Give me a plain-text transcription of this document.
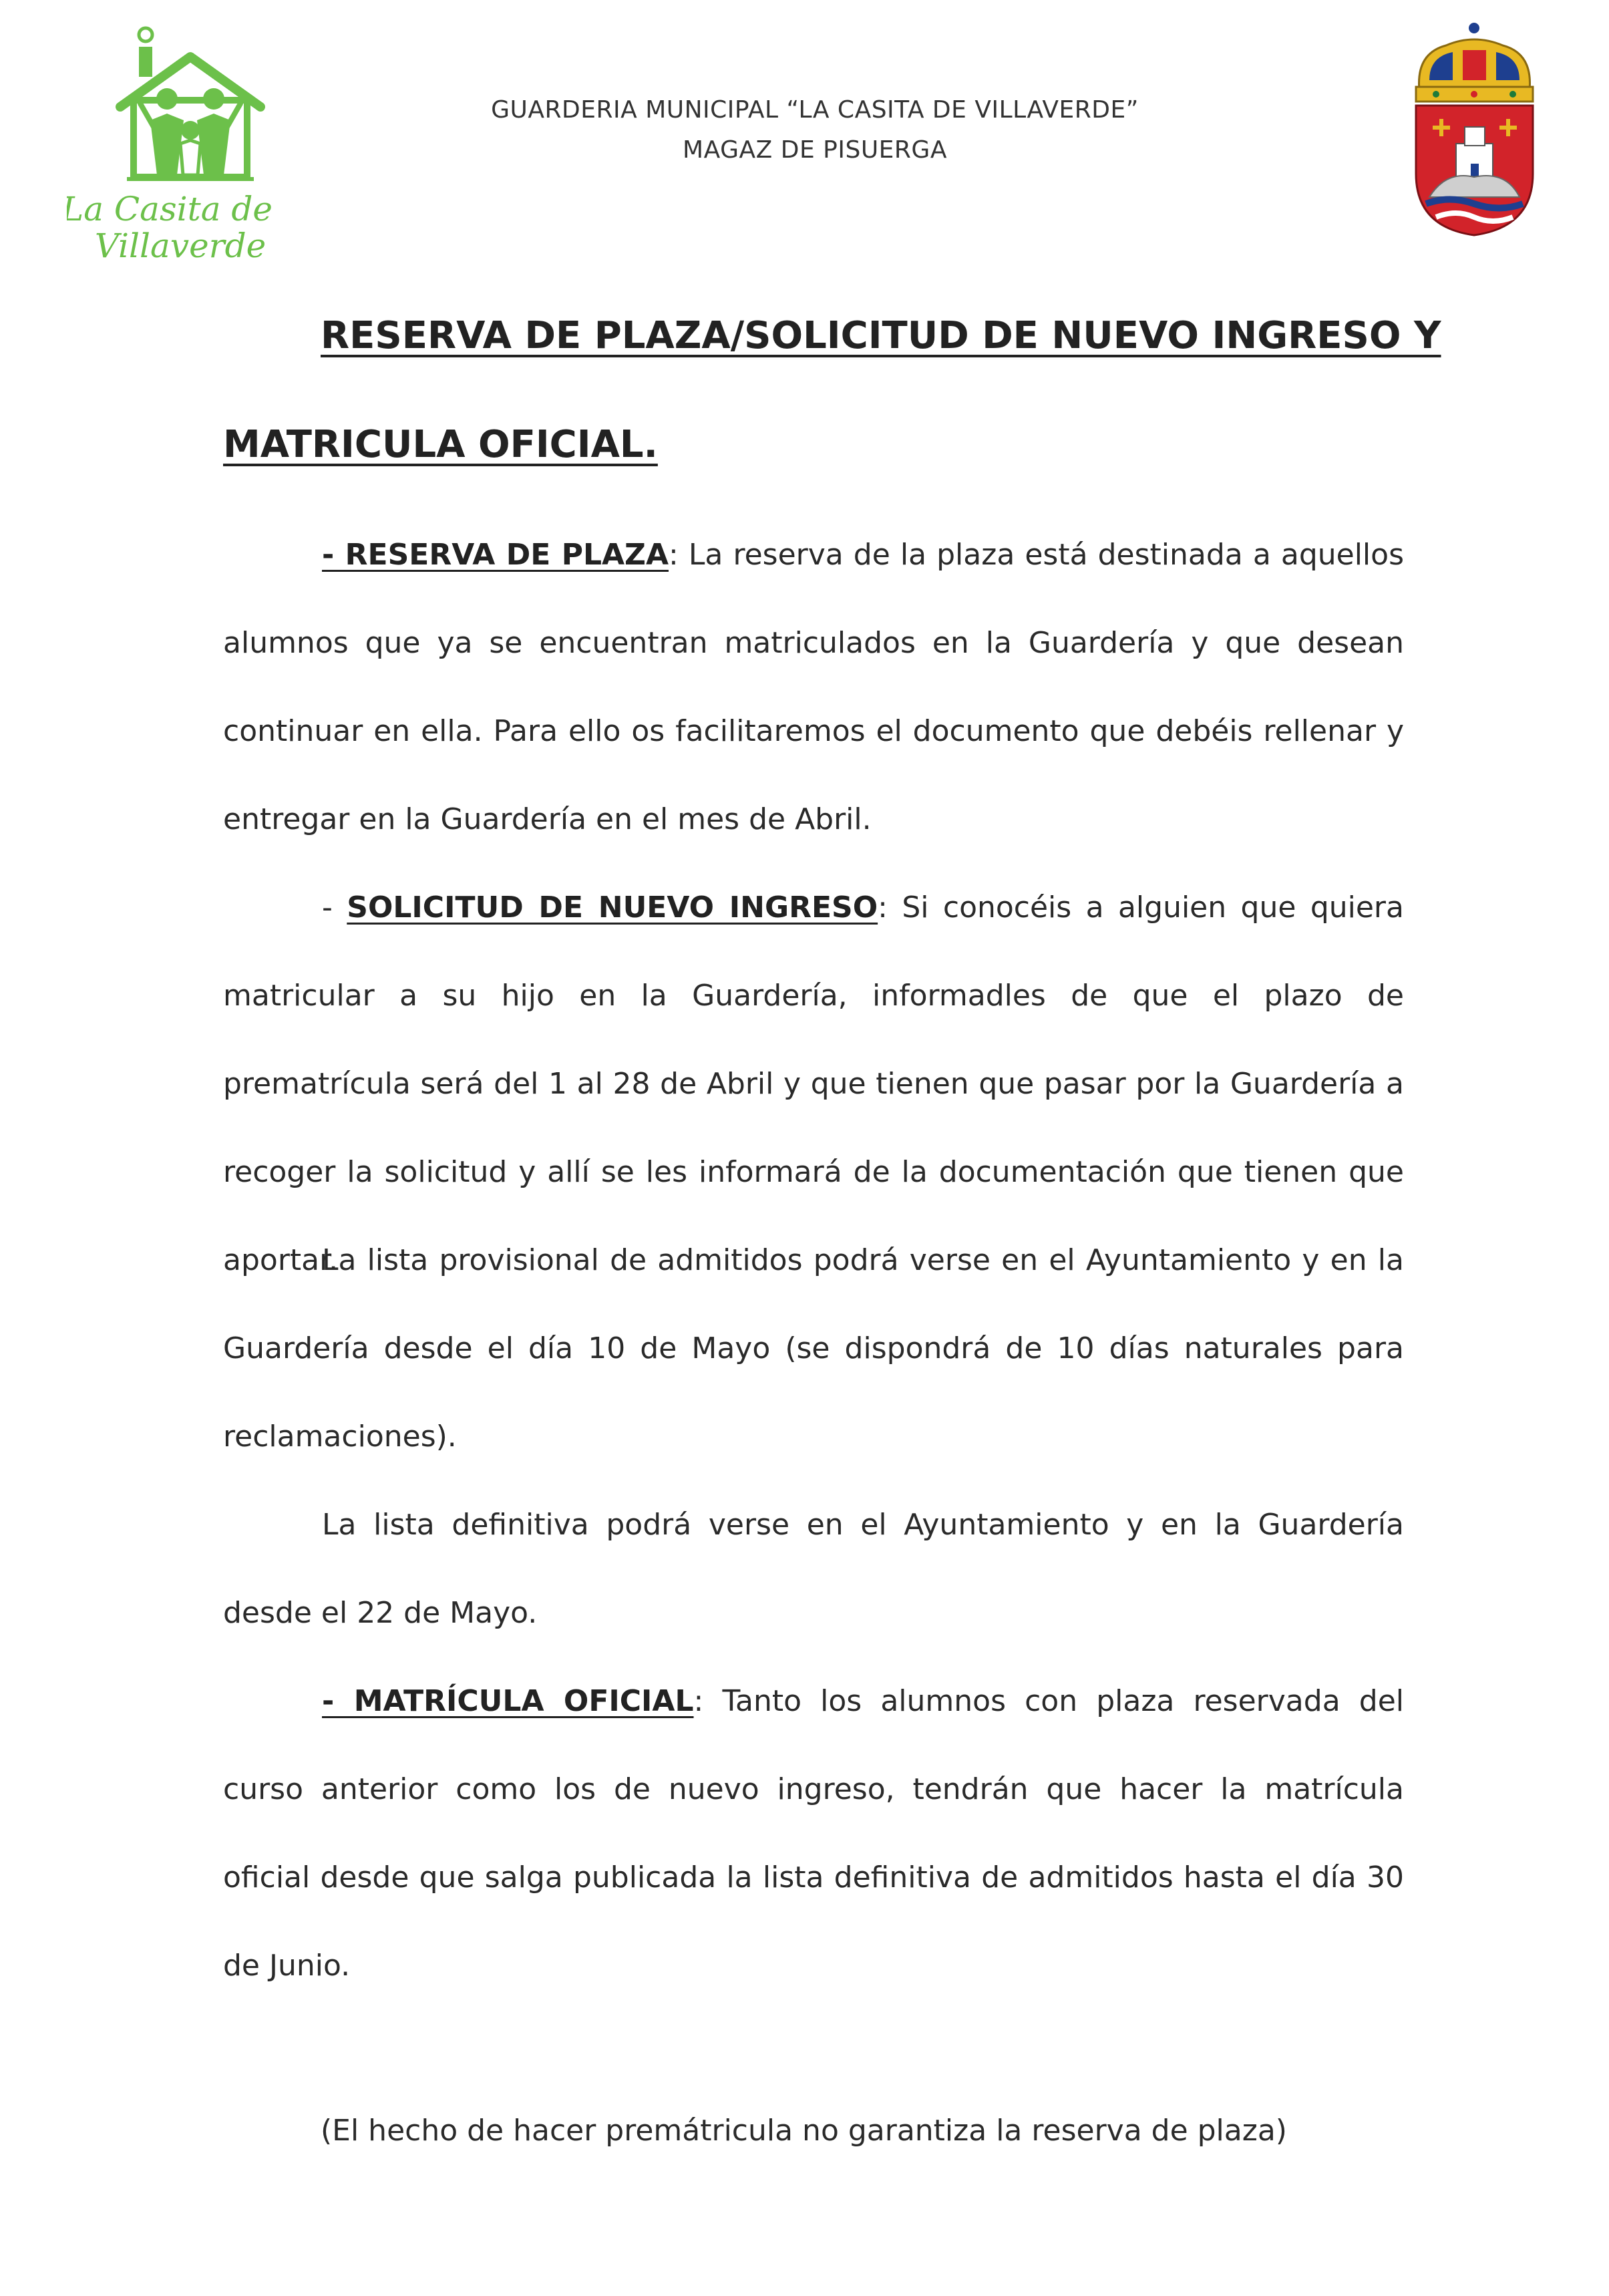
La Casita de
Villaverde
GUARDERIA MUNICIPAL “LA CASITA DE VILLAVERDE”
MAGAZ DE PISUERGA
RESERVA DE PLAZA/SOLICITUD DE NUEVO INGRESO Y
MATRICULA OFICIAL.

- RESERVA DE PLAZA: La reserva de la plaza está destinada a aquellos alumnos que ya se encuentran matriculados en la Guardería y que desean continuar en ella. Para ello os facilitaremos el documento que debéis rellenar y entregar en la Guardería en el mes de Abril.

- SOLICITUD DE NUEVO INGRESO: Si conocéis a alguien que quiera matricular a su hijo en la Guardería, informadles de que el plazo de prematrícula será del 1 al 28 de Abril y que tienen que pasar por la Guardería a recoger la solicitud y allí se les informará de la documentación que tienen que aportar.

La lista provisional de admitidos podrá verse en el Ayuntamiento y en la Guardería desde el día 10 de Mayo (se dispondrá de 10 días naturales para reclamaciones).

La lista definitiva podrá verse en el Ayuntamiento y en la Guardería desde el 22 de Mayo.

- MATRÍCULA OFICIAL: Tanto los alumnos con plaza reservada del curso anterior como los de nuevo ingreso, tendrán que hacer la matrícula oficial desde que salga publicada la lista definitiva de admitidos hasta el día 30 de Junio.

(El hecho de hacer premátricula no garantiza la reserva de plaza)
